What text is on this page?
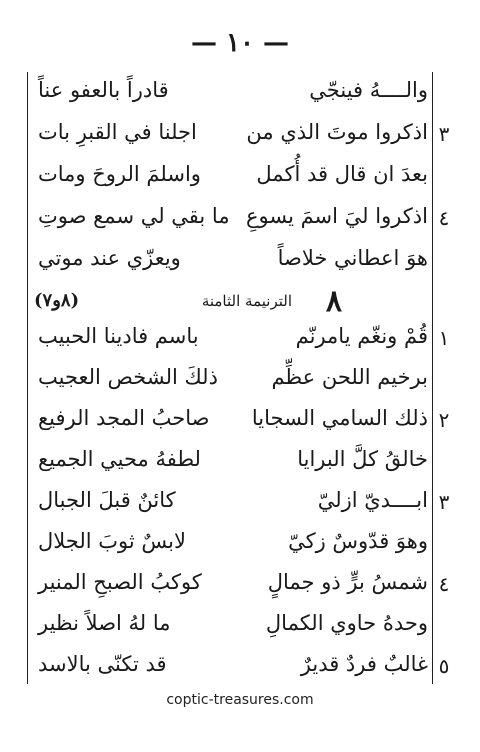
— ١٠ —
والــــهُ فينجّي
قادراً بالعفو عناً
٣
اذكروا موتَ الذي من
اجلنا في القبرِ بات
بعدَ ان قال قد أُكمل
واسلمَ الروحَ ومات
٤
اذكروا ليَ اسمَ يسوعِ
ما بقي لي سمع صوتِ
هوَ اعطاني خلاصاً
ويعزّي عند موتي
٨
الترنيمة الثامنة
(٨و٧)
١
قُمْ ونغّم يامرنّم
باسم فادينا الحبيب
برخيم اللحن عظِّم
ذلكَ الشخص العجيب
٢
ذلك السامي السجايا
صاحبُ المجد الرفيع
خالقُ كلَّ البرايا
لطفهُ محيي الجميع
٣
ابــــديّ ازليّ
كائنٌ قبلَ الجبال
وهوَ قدّوسٌ زكيّ
لابسٌ ثوبَ الجلال
٤
شمسُ برٍّ ذو جمالٍ
كوكبُ الصبحِ المنير
وحدهُ حاوي الكمالِ
ما لهُ اصلاً نظير
٥
غالبٌ فردٌ قديرٌ
قد تكنّى بالاسد
coptic-treasures.com
